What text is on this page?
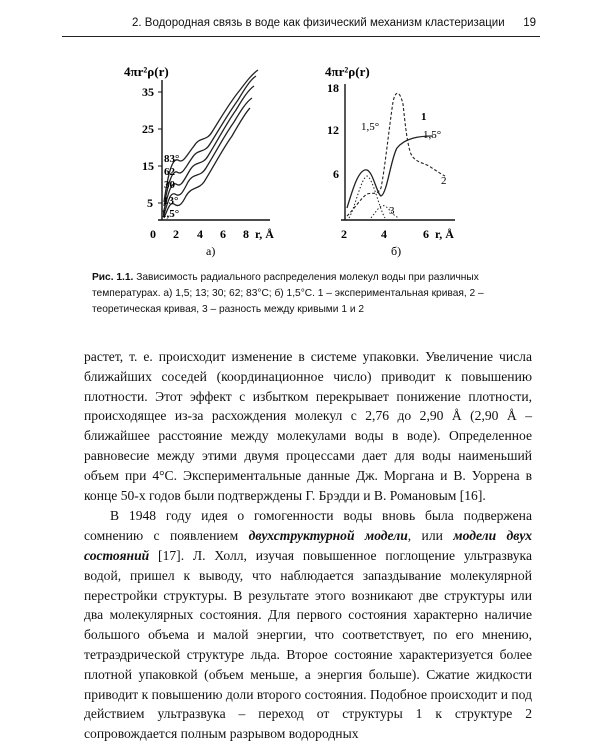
2. Водородная связь в воде как физический механизм кластеризации 19
4πr²ρ(r)
35
25
15
5
0 2 4 6 8 r, Å
а)
83°
62
30
13°
1,5°
4πr²ρ(r)
18
12
6
2	4	6 r, Å
б)
1
2
3
1,5°
1,5°
Рис. 1.1. Зависимость радиального распределения молекул воды при различных температурах. а) 1,5; 13; 30; 62; 83°С; б) 1,5°С. 1 – экспериментальная кривая, 2 – теоретическая кривая, 3 – разность между кривыми 1 и 2

растет, т. е. происходит изменение в системе упаковки. Увеличение числа ближайших соседей (координационное число) приводит к повышению плотности. Этот эффект с избытком перекрывает понижение плотности, происходящее из-за расхождения молекул с 2,76 до 2,90 Å (2,90 Å – ближайшее расстояние между молекулами воды в воде). Определенное равновесие между этими двумя процессами дает для воды наименьший объем при 4°С. Экспериментальные данные Дж. Моргана и В. Уоррена в конце 50-х годов были подтверждены Г. Брэдди и В. Романовым [16].

В 1948 году идея о гомогенности воды вновь была подвержена сомнению с появлением двухструктурной модели, или модели двух состояний [17]. Л. Холл, изучая повышенное поглощение ультразвука водой, пришел к выводу, что наблюдается запаздывание молекулярной перестройки структуры. В результате этого возникают две структуры или два молекулярных состояния. Для первого состояния характерно наличие большого объема и малой энергии, что соответствует, по его мнению, тетраэдрической структуре льда. Второе состояние характеризуется более плотной упаковкой (объем меньше, а энергия больше). Сжатие жидкости приводит к повышению доли второго состояния. Подобное происходит и под действием ультразвука – переход от структуры 1 к структуре 2 сопровождается полным разрывом водородных
